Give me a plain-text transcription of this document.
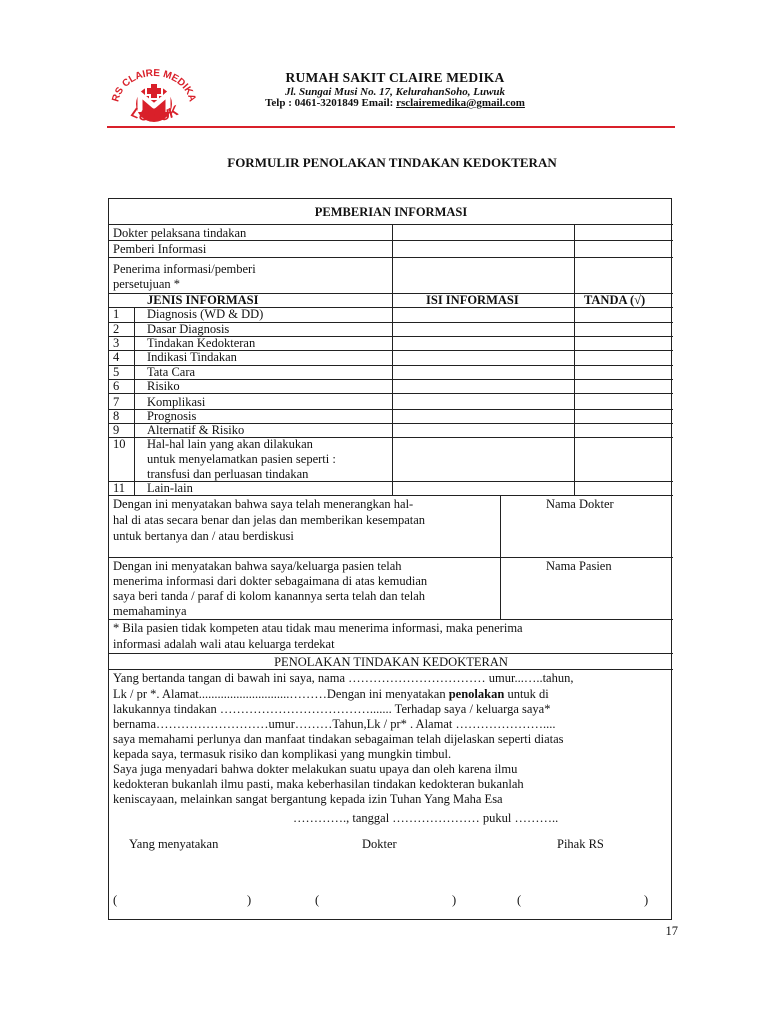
RS CLAIRE MEDIKA
LUWUK
RUMAH SAKIT CLAIRE MEDIKA
Jl. Sungai Musi No. 17, KelurahanSoho, Luwuk
Telp : 0461-3201849 Email: rsclairemedika@gmail.com
FORMULIR PENOLAKAN TINDAKAN KEDOKTERAN
PEMBERIAN INFORMASI
Dokter pelaksana tindakan
Pemberi Informasi
Penerima informasi/pemberi
persetujuan *
JENIS INFORMASI	ISI INFORMASI	TANDA (√)
1 Diagnosis (WD & DD)
2 Dasar Diagnosis
3 Tindakan Kedokteran
4 Indikasi Tindakan
5 Tata Cara
6 Risiko
7 Komplikasi
8 Prognosis
9 Alternatif & Risiko
10 Hal-hal lain yang akan dilakukan
untuk menyelamatkan pasien seperti :
transfusi dan perluasan tindakan
11 Lain-lain
Dengan ini menyatakan bahwa saya telah menerangkan hal-
hal di atas secara benar dan jelas dan memberikan kesempatan
untuk bertanya dan / atau berdiskusi
Nama Dokter
Dengan ini menyatakan bahwa saya/keluarga pasien telah
menerima informasi dari dokter sebagaimana di atas kemudian
saya beri tanda / paraf di kolom kanannya serta telah dan telah
memahaminya
Nama Pasien
* Bila pasien tidak kompeten atau tidak mau menerima informasi, maka penerima
informasi adalah wali atau keluarga terdekat
PENOLAKAN TINDAKAN KEDOKTERAN
Yang bertanda tangan di bawah ini saya, nama …………………………… umur...…..tahun,
Lk / pr *. Alamat.............................………Dengan ini menyatakan penolakan untuk di
lakukannya tindakan ………………………………....... Terhadap saya / keluarga saya*
bernama………………………umur………Tahun,Lk / pr* . Alamat …………………....
saya memahami perlunya dan manfaat tindakan sebagaiman telah dijelaskan seperti diatas
kepada saya, termasuk risiko dan komplikasi yang mungkin timbul.
Saya juga menyadari bahwa dokter melakukan suatu upaya dan oleh karena ilmu
kedokteran bukanlah ilmu pasti, maka keberhasilan tindakan kedokteran bukanlah
keniscayaan, melainkan sangat bergantung kepada izin Tuhan Yang Maha Esa
…………., tanggal ………………… pukul ………..
Yang menyatakan	Dokter	Pihak RS
(	)	(	)	(	)
17
